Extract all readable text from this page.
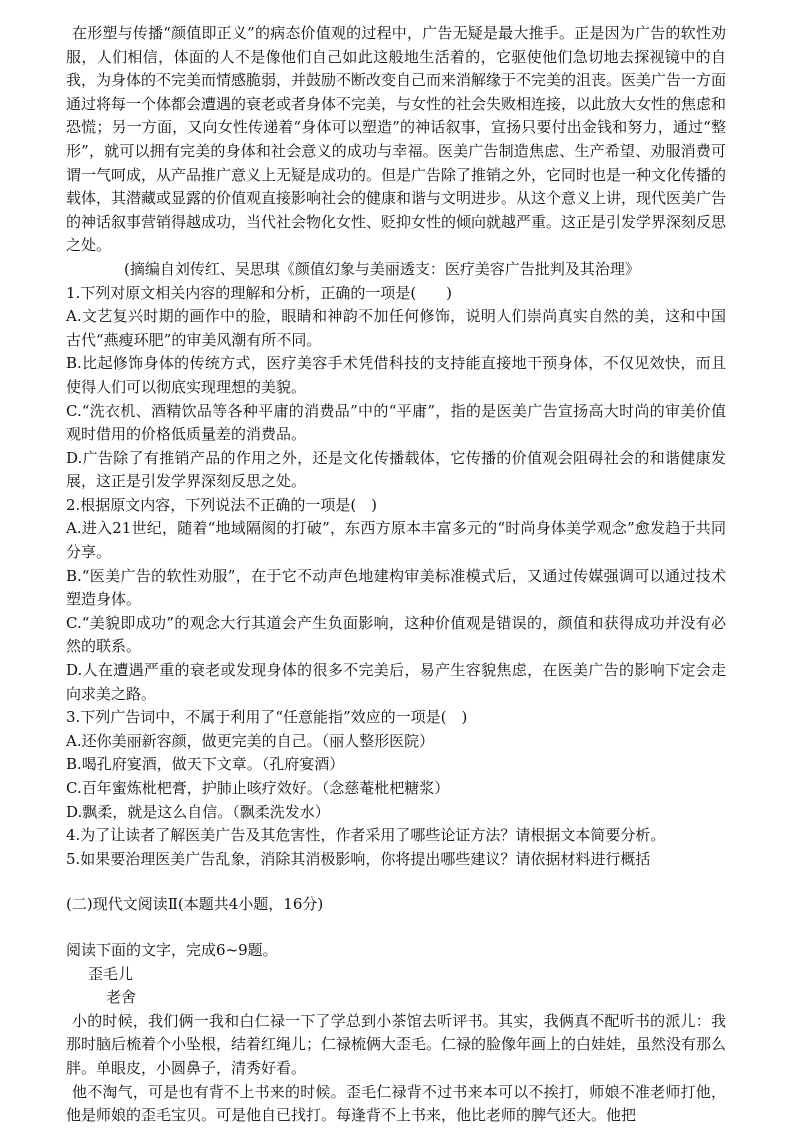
在形塑与传播“颜值即正义”的病态价值观的过程中，广告无疑是最大推手。正是因为广告的软性劝服，人们相信，体面的人不是像他们自己如此这般地生活着的，它驱使他们急切地去探视镜中的自我，为身体的不完美而情感脆弱，并鼓励不断改变自己而来消解缘于不完美的沮丧。医美广告一方面通过将每一个体都会遭遇的衰老或者身体不完美，与女性的社会失败相连接，以此放大女性的焦虑和恐慌；另一方面，又向女性传递着“身体可以塑造”的神话叙事，宣扬只要付出金钱和努力，通过“整形”，就可以拥有完美的身体和社会意义的成功与幸福。医美广告制造焦虑、生产希望、劝服消费可谓一气呵成，从产品推广意义上无疑是成功的。但是广告除了推销之外，它同时也是一种文化传播的载体，其潜藏或显露的价值观直接影响社会的健康和谐与文明进步。从这个意义上讲，现代医美广告的神话叙事营销得越成功，当代社会物化女性、贬抑女性的倾向就越严重。这正是引发学界深刻反思之处。

(摘编自刘传红、吴思琪《颜值幻象与美丽透支：医疗美容广告批判及其治理》

1.下列对原文相关内容的理解和分析，正确的一项是(　　)

A.文艺复兴时期的画作中的脸，眼睛和神韵不加任何修饰，说明人们崇尚真实自然的美，这和中国古代“燕瘦环肥”的审美风潮有所不同。

B.比起修饰身体的传统方式，医疗美容手术凭借科技的支持能直接地干预身体，不仅见效快，而且使得人们可以彻底实现理想的美貌。

C.“洗衣机、酒精饮品等各种平庸的消费品”中的“平庸”，指的是医美广告宣扬高大时尚的审美价值观时借用的价格低质量差的消费品。

D.广告除了有推销产品的作用之外，还是文化传播载体，它传播的价值观会阻碍社会的和谐健康发展，这正是引发学界深刻反思之处。

2.根据原文内容，下列说法不正确的一项是(　)

A.进入21世纪，随着“地域隔阂的打破”，东西方原本丰富多元的“时尚身体美学观念”愈发趋于共同分享。

B.“医美广告的软性劝服”，在于它不动声色地建构审美标准模式后，又通过传媒强调可以通过技术塑造身体。

C.“美貌即成功”的观念大行其道会产生负面影响，这种价值观是错误的，颜值和获得成功并没有必然的联系。

D.人在遭遇严重的衰老或发现身体的很多不完美后，易产生容貌焦虑，在医美广告的影响下定会走向求美之路。

3.下列广告词中，不属于利用了“任意能指”效应的一项是(　)

A.还你美丽新容颜，做更完美的自己。（丽人整形医院）

B.喝孔府宴酒，做天下文章。（孔府宴酒）

C.百年蜜炼枇杷膏，护肺止咳疗效好。（念慈菴枇杷糖浆）

D.飘柔，就是这么自信。（飘柔洗发水）

4.为了让读者了解医美广告及其危害性，作者采用了哪些论证方法？请根据文本简要分析。

5.如果要治理医美广告乱象，消除其消极影响，你将提出哪些建议？请依据材料进行概括

(二)现代文阅读Ⅱ(本题共4小题，16分)

阅读下面的文字，完成6~9题。

歪毛儿

老舍

小的时候，我们俩一我和白仁禄一下了学总到小茶馆去听评书。其实，我俩真不配听书的派儿：我那时脑后梳着个小坠根，结着红绳儿；仁禄梳俩大歪毛。仁禄的脸像年画上的白娃娃，虽然没有那么胖。单眼皮，小圆鼻子，清秀好看。

他不淘气，可是也有背不上书来的时候。歪毛仁禄背不过书来本可以不挨打，师娘不准老师打他，他是师娘的歪毛宝贝。可是他自已找打。每逢背不上书来，他比老师的脾气还大。他把
